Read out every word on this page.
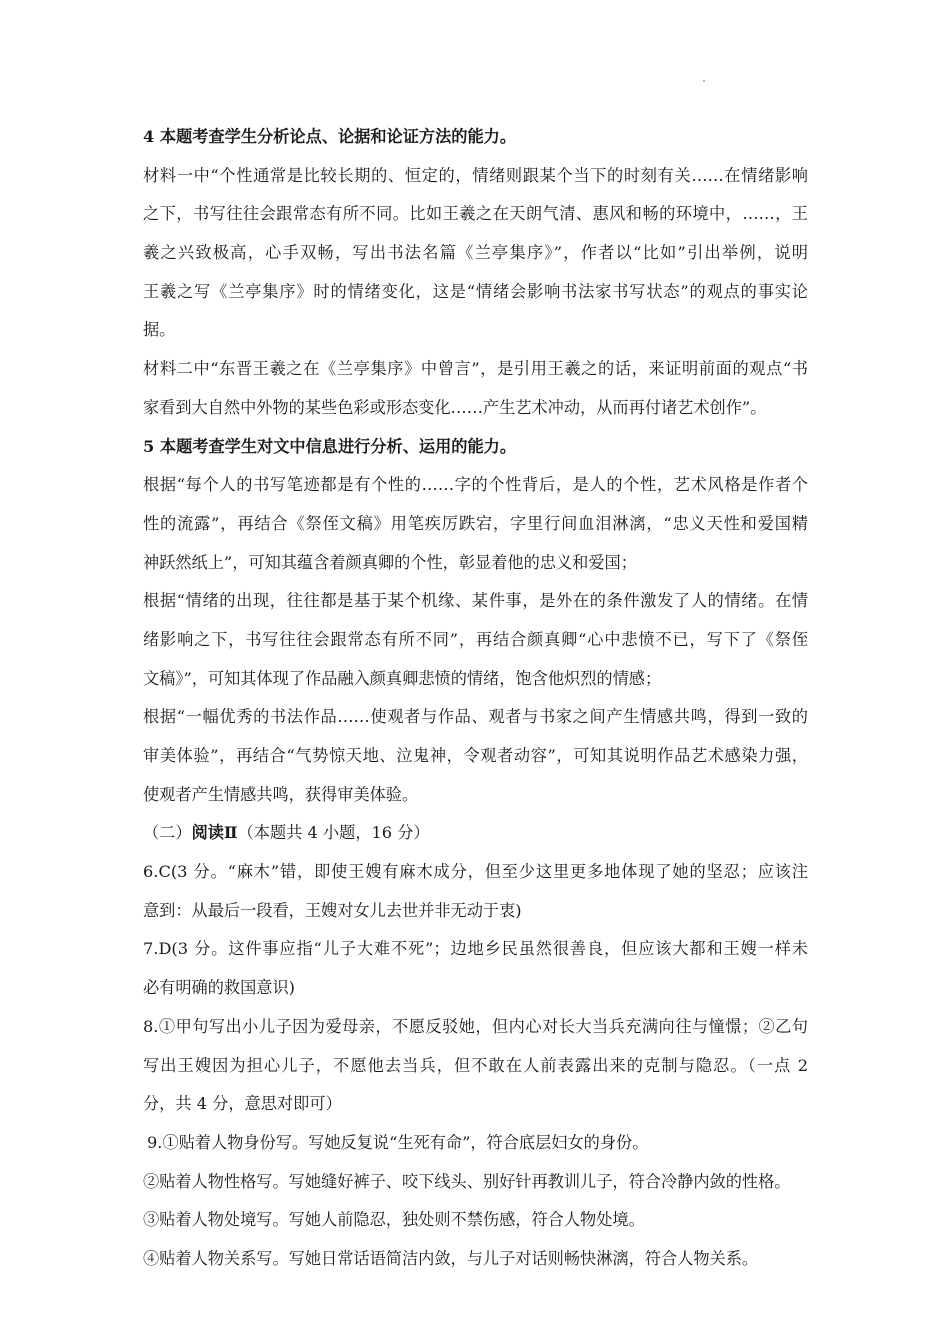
4 本题考查学生分析论点、论据和论证方法的能力。
材料一中“个性通常是比较长期的、恒定的，情绪则跟某个当下的时刻有关……在情绪影响
之下，书写往往会跟常态有所不同。比如王羲之在天朗气清、惠风和畅的环境中，……，王
羲之兴致极高，心手双畅，写出书法名篇《兰亭集序》”，作者以“比如”引出举例，说明
王羲之写《兰亭集序》时的情绪变化，这是“情绪会影响书法家书写状态”的观点的事实论
据。
材料二中“东晋王羲之在《兰亭集序》中曾言”，是引用王羲之的话，来证明前面的观点“书
家看到大自然中外物的某些色彩或形态变化……产生艺术冲动，从而再付诸艺术创作”。
5 本题考查学生对文中信息进行分析、运用的能力。
根据“每个人的书写笔迹都是有个性的……字的个性背后，是人的个性，艺术风格是作者个
性的流露”，再结合《祭侄文稿》用笔疾厉跌宕，字里行间血泪淋漓，“忠义天性和爱国精
神跃然纸上”，可知其蕴含着颜真卿的个性，彰显着他的忠义和爱国；
根据“情绪的出现，往往都是基于某个机缘、某件事，是外在的条件激发了人的情绪。在情
绪影响之下，书写往往会跟常态有所不同”，再结合颜真卿“心中悲愤不已，写下了《祭侄
文稿》”，可知其体现了作品融入颜真卿悲愤的情绪，饱含他炽烈的情感；
根据“一幅优秀的书法作品……使观者与作品、观者与书家之间产生情感共鸣，得到一致的
审美体验”，再结合“气势惊天地、泣鬼神，令观者动容”，可知其说明作品艺术感染力强，
使观者产生情感共鸣，获得审美体验。
（二）阅读Ⅱ（本题共 4 小题，16 分）
6.C(3 分。“麻木”错，即使王嫂有麻木成分，但至少这里更多地体现了她的坚忍；应该注
意到：从最后一段看，王嫂对女儿去世并非无动于衷)
7.D(3 分。这件事应指“儿子大难不死”；边地乡民虽然很善良，但应该大都和王嫂一样未
必有明确的救国意识)
8.①甲句写出小儿子因为爱母亲，不愿反驳她，但内心对长大当兵充满向往与憧憬；②乙句
写出王嫂因为担心儿子，不愿他去当兵，但不敢在人前表露出来的克制与隐忍。（一点 2
分，共 4 分，意思对即可）
9.①贴着人物身份写。写她反复说“生死有命”，符合底层妇女的身份。
②贴着人物性格写。写她缝好裤子、咬下线头、别好针再教训儿子，符合冷静内敛的性格。
③贴着人物处境写。写她人前隐忍，独处则不禁伤感，符合人物处境。
④贴着人物关系写。写她日常话语简洁内敛，与儿子对话则畅快淋漓，符合人物关系。
